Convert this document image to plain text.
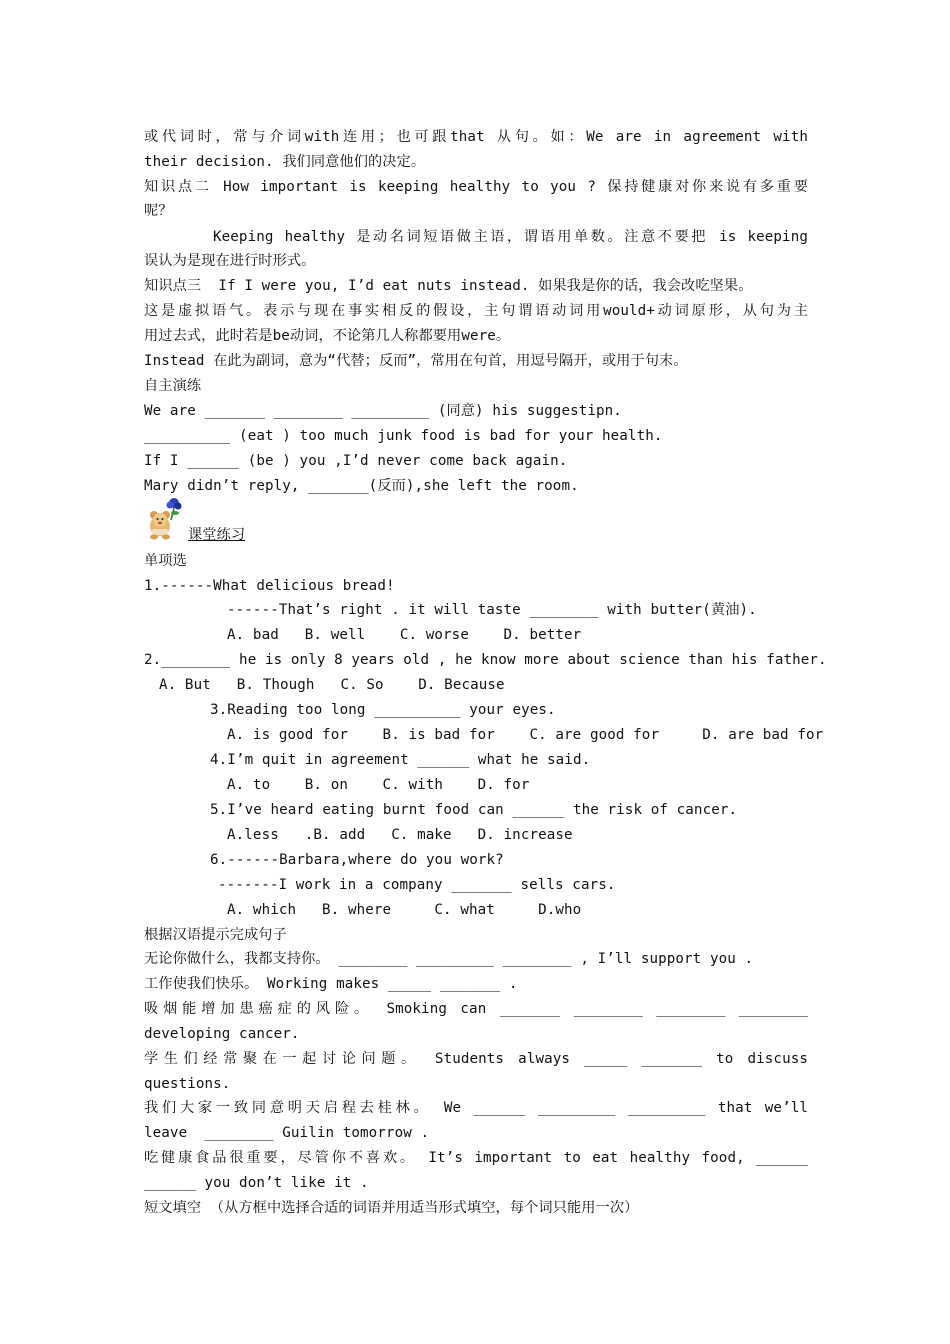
或代词时，常与介词with连用；也可跟that 从句。如：We are in agreement with
their decision. 我们同意他们的决定。
知识点二 How important is keeping healthy to you ? 保持健康对你来说有多重要
呢？
Keeping healthy 是动名词短语做主语，谓语用单数。注意不要把 is keeping
误认为是现在进行时形式。
知识点三  If I were you, I’d eat nuts instead. 如果我是你的话，我会改吃坚果。
这是虚拟语气。表示与现在事实相反的假设，主句谓语动词用would+动词原形，从句为主
用过去式，此时若是be动词，不论第几人称都要用were。
Instead 在此为副词，意为“代替；反而”，常用在句首，用逗号隔开，或用于句末。
自主演练
We are _______ ________ _________ (同意) his suggestipn.
__________ (eat ) too much junk food is bad for your health.
If I ______ (be ) you ,I’d never come back again.
Mary didn’t reply, _______(反而),she left the room.
课堂练习
单项选
1.------What delicious bread!
------That’s right . it will taste ________ with butter(黄油).
A. bad   B. well    C. worse    D. better
2.________ he is only 8 years old , he know more about science than his father.
A. But   B. Though   C. So    D. Because
3.Reading too long __________ your eyes.
A. is good for    B. is bad for    C. are good for     D. are bad for
4.I’m quit in agreement ______ what he said.
A. to    B. on    C. with    D. for
5.I’ve heard eating burnt food can ______ the risk of cancer.
A.less   .B. add   C. make   D. increase
6.------Barbara,where do you work?
-------I work in a company _______ sells cars.
A. which   B. where     C. what     D.who
根据汉语提示完成句子
无论你做什么，我都支持你。 ________ _________ ________ , I’ll support you .
工作使我们快乐。 Working makes _____ _______ .
吸烟能增加患癌症的风险。 Smoking can _______ ________ ________ ________
developing cancer.
学生们经常聚在一起讨论问题。 Students always _____ _______ to discuss
questions.
我们大家一致同意明天启程去桂林。 We ______ _________ _________ that we’ll
leave  ________ Guilin tomorrow .
吃健康食品很重要，尽管你不喜欢。 It’s important to eat healthy food, ______
______ you don’t like it .
短文填空 （从方框中选择合适的词语并用适当形式填空，每个词只能用一次）
